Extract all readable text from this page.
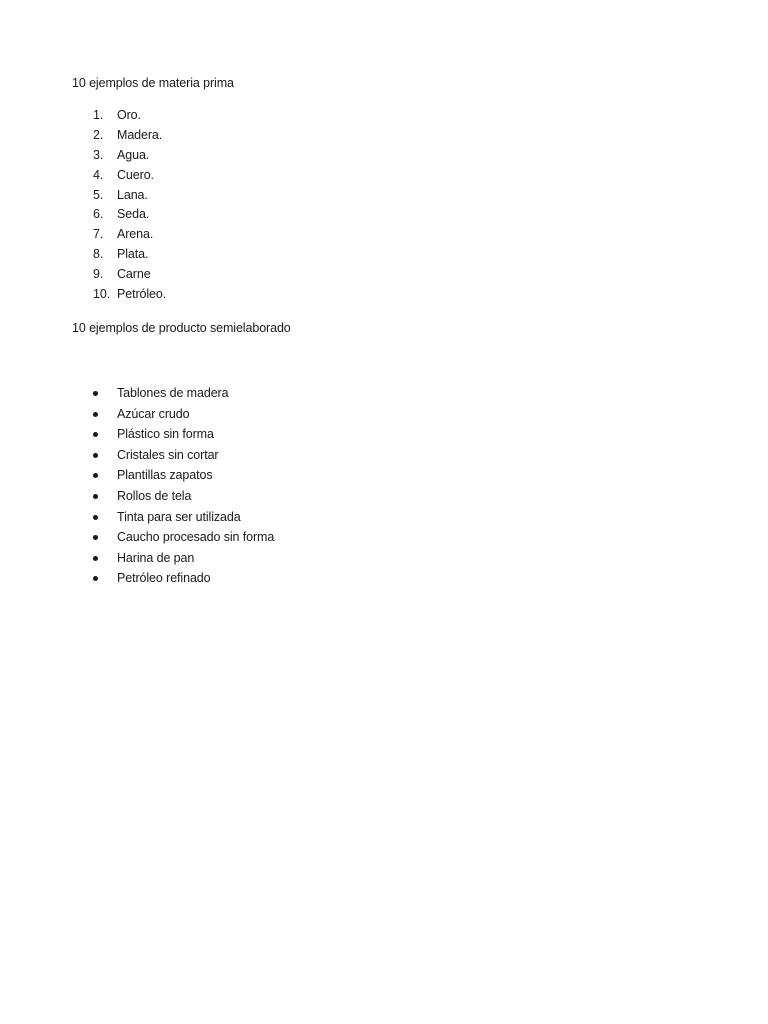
10 ejemplos de materia prima
1. Oro.
2. Madera.
3. Agua.
4. Cuero.
5. Lana.
6. Seda.
7. Arena.
8. Plata.
9. Carne
10. Petróleo.
10 ejemplos de producto semielaborado
Tablones de madera
Azúcar crudo
Plástico sin forma
Cristales sin cortar
Plantillas zapatos
Rollos de tela
Tinta para ser utilizada
Caucho procesado sin forma
Harina de pan
Petróleo refinado
